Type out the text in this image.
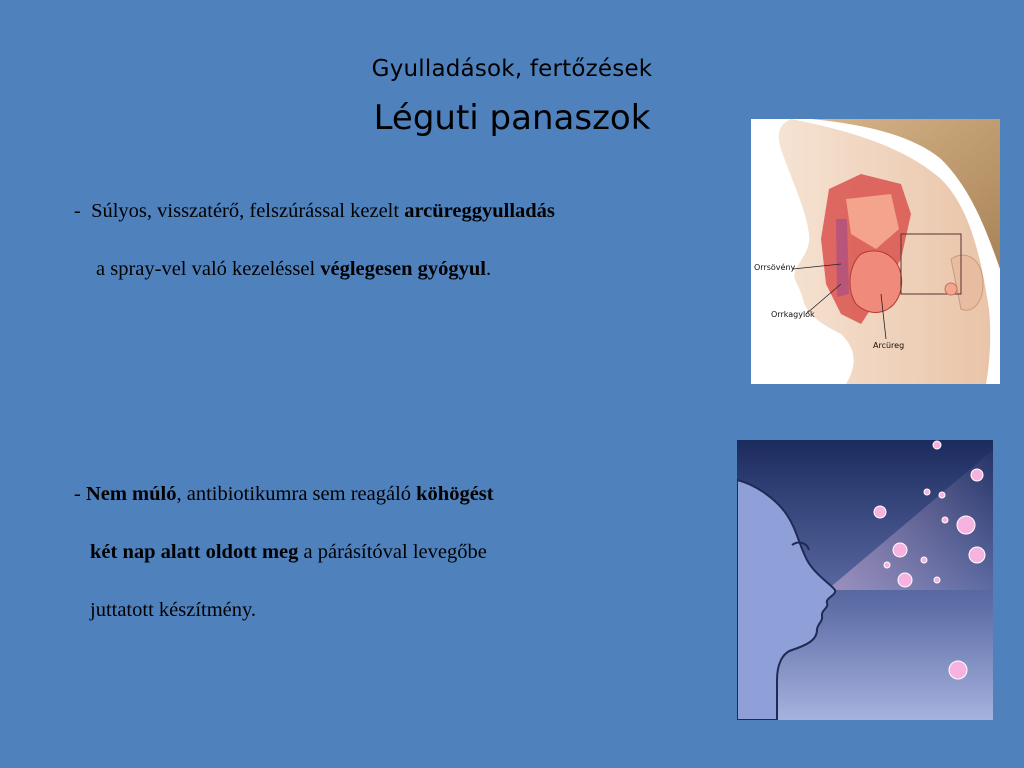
Gyulladások, fertőzések
Léguti panaszok
- Súlyos, visszatérő, felszúrással kezelt arcüreggyulladás
a spray-vel való kezeléssel véglegesen gyógyul.
- Nem múló, antibiotikumra sem reagáló köhögést
két nap alatt oldott meg a párásítóval levegőbe
juttatott készítmény.
Orrsövény
Orrkagylók
Arcüreg
